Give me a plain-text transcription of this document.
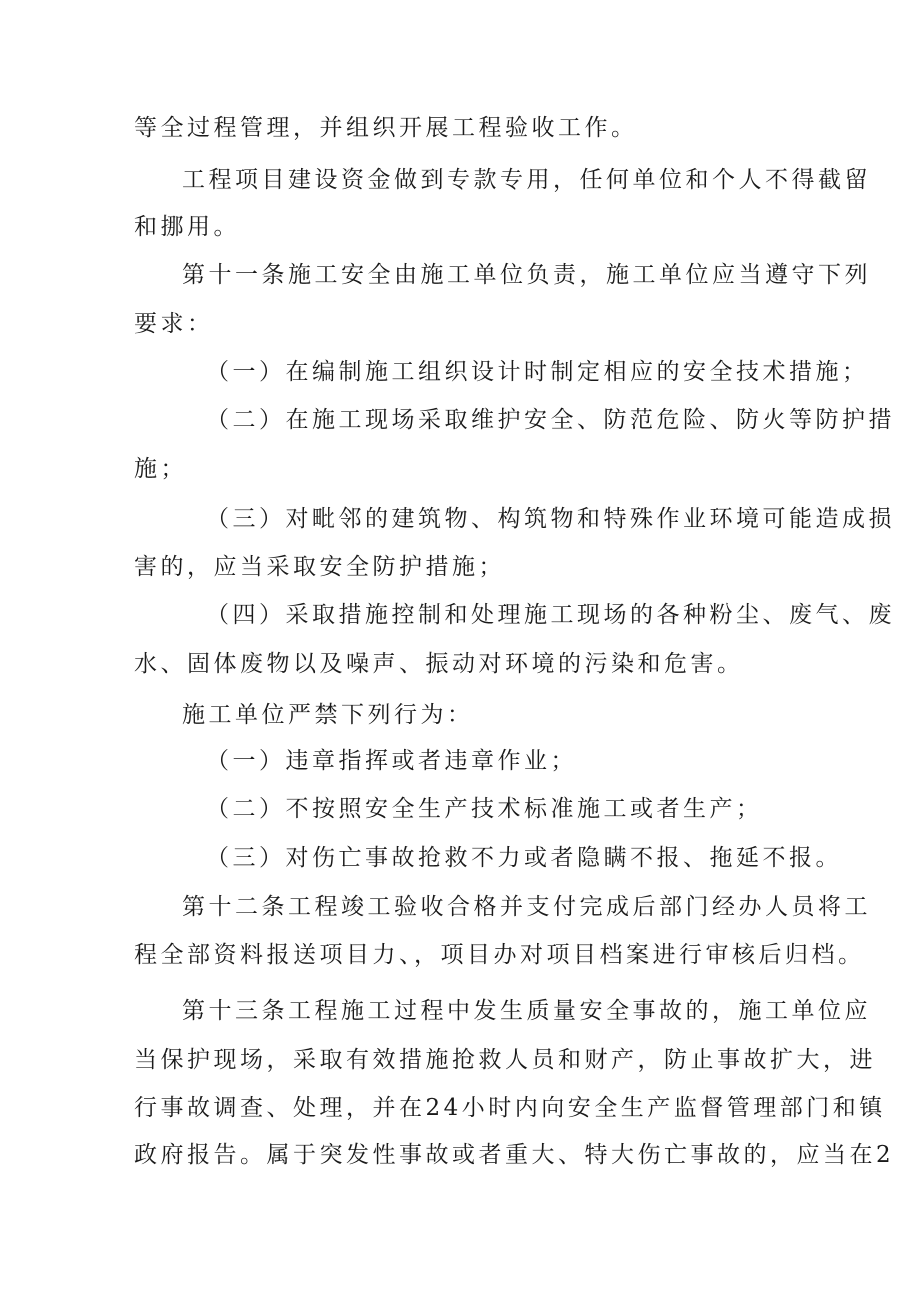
等全过程管理，并组织开展工程验收工作。

工程项目建设资金做到专款专用，任何单位和个人不得截留

和挪用。

第十一条施工安全由施工单位负责，施工单位应当遵守下列

要求：

（一）在编制施工组织设计时制定相应的安全技术措施；

（二）在施工现场采取维护安全、防范危险、防火等防护措

施；

（三）对毗邻的建筑物、构筑物和特殊作业环境可能造成损

害的，应当采取安全防护措施；

（四）采取措施控制和处理施工现场的各种粉尘、废气、废

水、固体废物以及噪声、振动对环境的污染和危害。

施工单位严禁下列行为：

（一）违章指挥或者违章作业；

（二）不按照安全生产技术标准施工或者生产；

（三）对伤亡事故抢救不力或者隐瞒不报、拖延不报。

第十二条工程竣工验收合格并支付完成后部门经办人员将工

程全部资料报送项目力、，项目办对项目档案进行审核后归档。

第十三条工程施工过程中发生质量安全事故的，施工单位应

当保护现场，采取有效措施抢救人员和财产，防止事故扩大，进

行事故调查、处理，并在24小时内向安全生产监督管理部门和镇

政府报告。属于突发性事故或者重大、特大伤亡事故的，应当在2
